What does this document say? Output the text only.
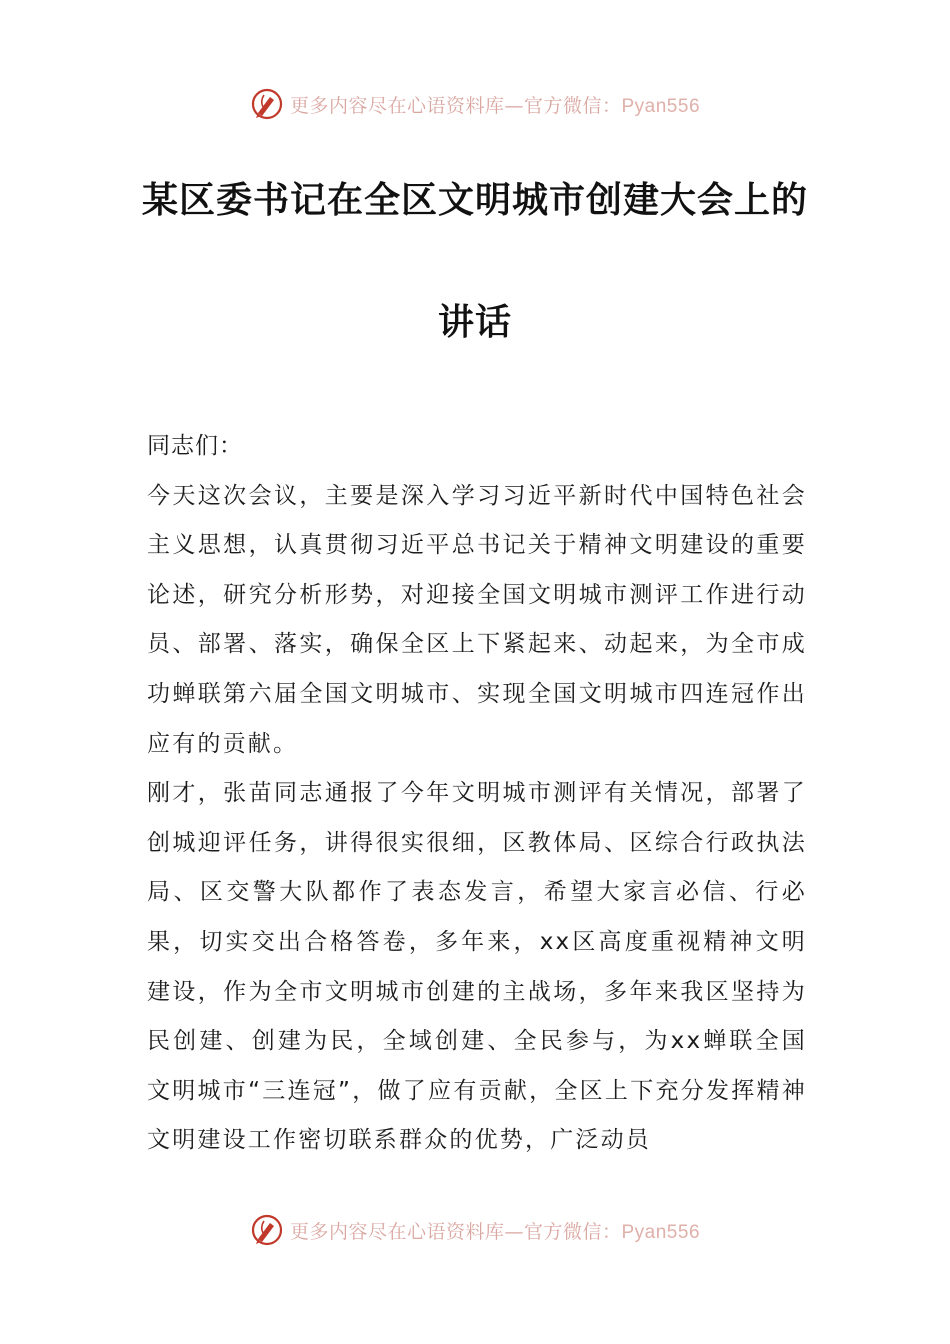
更多内容尽在心语资料库—官方微信：Pyan556
某区委书记在全区文明城市创建大会上的
讲话

同志们：

今天这次会议，主要是深入学习习近平新时代中国特色社会主义思想，认真贯彻习近平总书记关于精神文明建设的重要论述，研究分析形势，对迎接全国文明城市测评工作进行动员、部署、落实，确保全区上下紧起来、动起来，为全市成功蝉联第六届全国文明城市、实现全国文明城市四连冠作出应有的贡献。

刚才，张苗同志通报了今年文明城市测评有关情况，部署了创城迎评任务，讲得很实很细，区教体局、区综合行政执法局、区交警大队都作了表态发言，希望大家言必信、行必果，切实交出合格答卷，多年来，xx区高度重视精神文明建设，作为全市文明城市创建的主战场，多年来我区坚持为民创建、创建为民，全域创建、全民参与，为xx蝉联全国文明城市“三连冠”，做了应有贡献，全区上下充分发挥精神文明建设工作密切联系群众的优势，广泛动员

更多内容尽在心语资料库—官方微信：Pyan556
